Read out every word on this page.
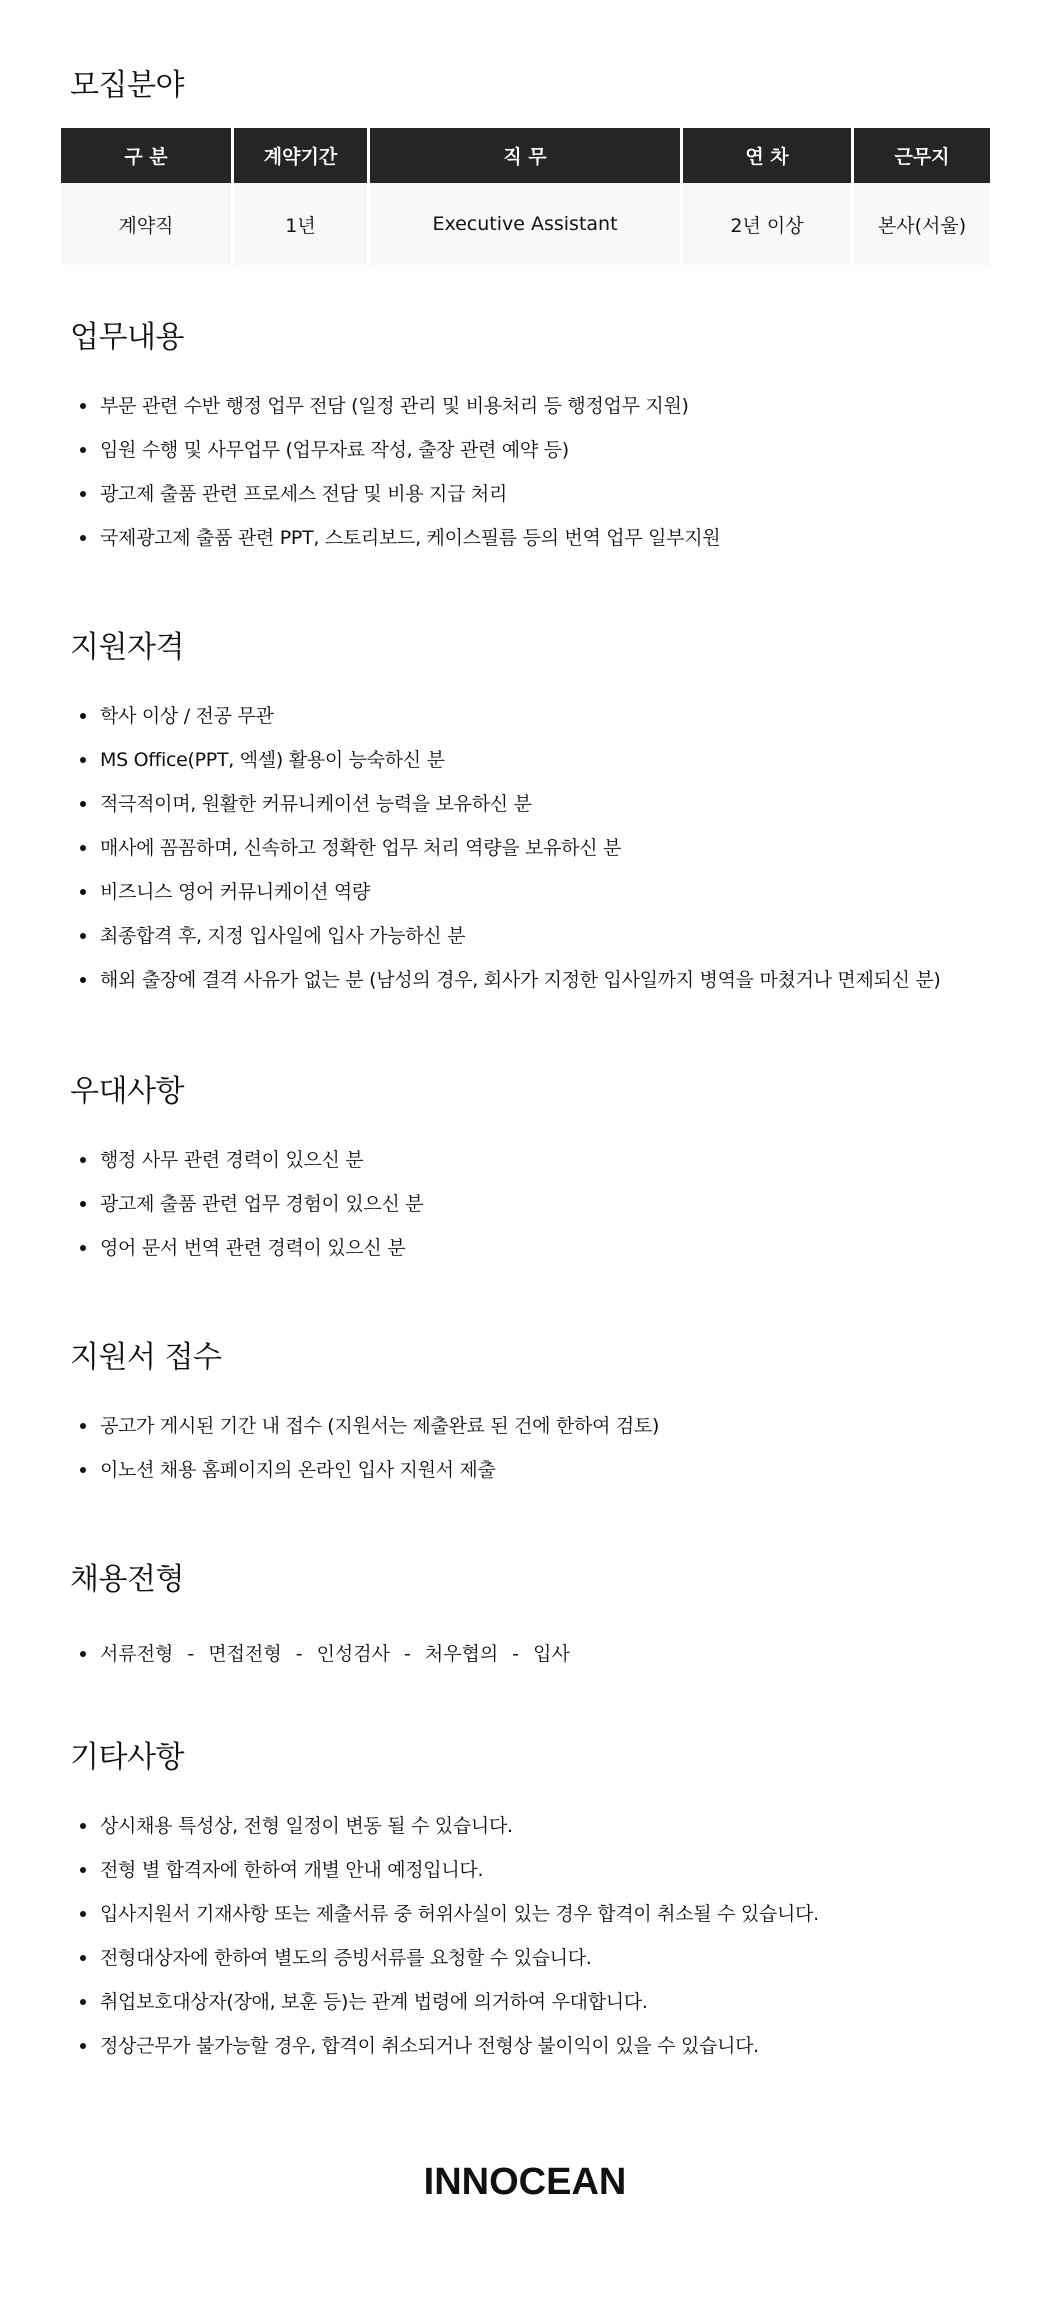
모집분야
구 분	계약기간	직 무	연 차	근무지
계약직	1년	Executive Assistant	2년 이상	본사(서울)
업무내용
부문 관련 수반 행정 업무 전담 (일정 관리 및 비용처리 등 행정업무 지원)
임원 수행 및 사무업무 (업무자료 작성, 출장 관련 예약 등)
광고제 출품 관련 프로세스 전담 및 비용 지급 처리
국제광고제 출품 관련 PPT, 스토리보드, 케이스필름 등의 번역 업무 일부지원
지원자격
학사 이상 / 전공 무관
MS Office(PPT, 엑셀) 활용이 능숙하신 분
적극적이며, 원활한 커뮤니케이션 능력을 보유하신 분
매사에 꼼꼼하며, 신속하고 정확한 업무 처리 역량을 보유하신 분
비즈니스 영어 커뮤니케이션 역량
최종합격 후, 지정 입사일에 입사 가능하신 분
해외 출장에 결격 사유가 없는 분 (남성의 경우, 회사가 지정한 입사일까지 병역을 마쳤거나 면제되신 분)
우대사항
행정 사무 관련 경력이 있으신 분
광고제 출품 관련 업무 경험이 있으신 분
영어 문서 번역 관련 경력이 있으신 분
지원서 접수
공고가 게시된 기간 내 접수 (지원서는 제출완료 된 건에 한하여 검토)
이노션 채용 홈페이지의 온라인 입사 지원서 제출
채용전형
서류전형 - 면접전형 - 인성검사 - 처우협의 - 입사
기타사항
상시채용 특성상, 전형 일정이 변동 될 수 있습니다.
전형 별 합격자에 한하여 개별 안내 예정입니다.
입사지원서 기재사항 또는 제출서류 중 허위사실이 있는 경우 합격이 취소될 수 있습니다.
전형대상자에 한하여 별도의 증빙서류를 요청할 수 있습니다.
취업보호대상자(장애, 보훈 등)는 관계 법령에 의거하여 우대합니다.
정상근무가 불가능할 경우, 합격이 취소되거나 전형상 불이익이 있을 수 있습니다.
INNOCEAN
